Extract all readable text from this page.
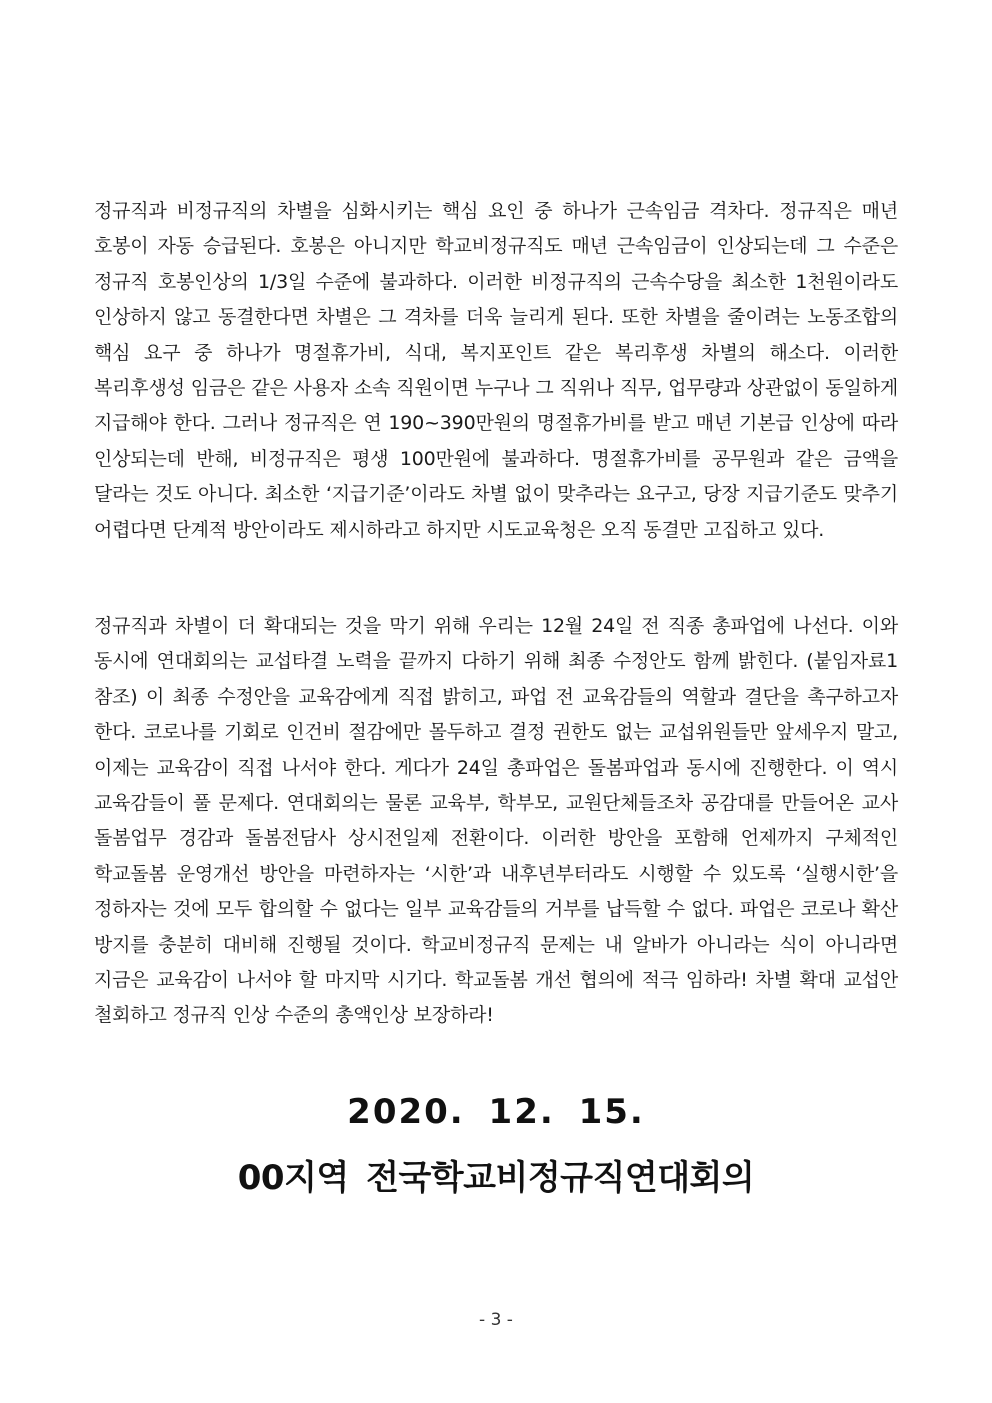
정규직과 비정규직의 차별을 심화시키는 핵심 요인 중 하나가 근속임금 격차다. 정규직은 매년 호봉이 자동 승급된다. 호봉은 아니지만 학교비정규직도 매년 근속임금이 인상되는데 그 수준은 정규직 호봉인상의 1/3일 수준에 불과하다. 이러한 비정규직의 근속수당을 최소한 1천원이라도 인상하지 않고 동결한다면 차별은 그 격차를 더욱 늘리게 된다. 또한 차별을 줄이려는 노동조합의 핵심 요구 중 하나가 명절휴가비, 식대, 복지포인트 같은 복리후생 차별의 해소다. 이러한 복리후생성 임금은 같은 사용자 소속 직원이면 누구나 그 직위나 직무, 업무량과 상관없이 동일하게 지급해야 한다. 그러나 정규직은 연 190~390만원의 명절휴가비를 받고 매년 기본급 인상에 따라 인상되는데 반해, 비정규직은 평생 100만원에 불과하다. 명절휴가비를 공무원과 같은 금액을 달라는 것도 아니다. 최소한 ‘지급기준’이라도 차별 없이 맞추라는 요구고, 당장 지급기준도 맞추기 어렵다면 단계적 방안이라도 제시하라고 하지만 시도교육청은 오직 동결만 고집하고 있다.

정규직과 차별이 더 확대되는 것을 막기 위해 우리는 12월 24일 전 직종 총파업에 나선다. 이와 동시에 연대회의는 교섭타결 노력을 끝까지 다하기 위해 최종 수정안도 함께 밝힌다. (붙임자료1 참조) 이 최종 수정안을 교육감에게 직접 밝히고, 파업 전 교육감들의 역할과 결단을 촉구하고자 한다. 코로나를 기회로 인건비 절감에만 몰두하고 결정 권한도 없는 교섭위원들만 앞세우지 말고, 이제는 교육감이 직접 나서야 한다. 게다가 24일 총파업은 돌봄파업과 동시에 진행한다. 이 역시 교육감들이 풀 문제다. 연대회의는 물론 교육부, 학부모, 교원단체들조차 공감대를 만들어온 교사 돌봄업무 경감과 돌봄전담사 상시전일제 전환이다. 이러한 방안을 포함해 언제까지 구체적인 학교돌봄 운영개선 방안을 마련하자는 ‘시한’과 내후년부터라도 시행할 수 있도록 ‘실행시한’을 정하자는 것에 모두 합의할 수 없다는 일부 교육감들의 거부를 납득할 수 없다. 파업은 코로나 확산 방지를 충분히 대비해 진행될 것이다. 학교비정규직 문제는 내 알바가 아니라는 식이 아니라면 지금은 교육감이 나서야 할 마지막 시기다. 학교돌봄 개선 협의에 적극 임하라! 차별 확대 교섭안 철회하고 정규직 인상 수준의 총액인상 보장하라!

2020. 12. 15.

00지역 전국학교비정규직연대회의

- 3 -
